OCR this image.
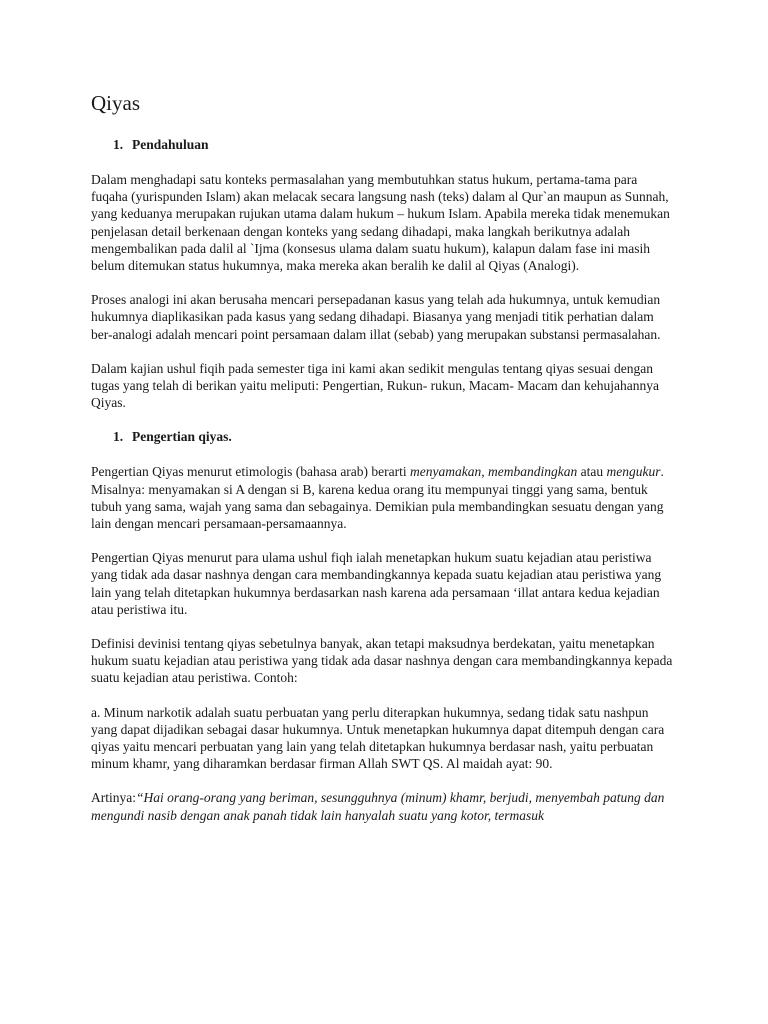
Qiyas
1. Pendahuluan

Dalam menghadapi satu konteks permasalahan yang membutuhkan status hukum, pertama-tama para fuqaha (yurispunden Islam) akan melacak secara langsung nash (teks) dalam al Qur`an maupun as Sunnah, yang keduanya merupakan rujukan utama dalam hukum – hukum Islam. Apabila mereka tidak menemukan penjelasan detail berkenaan dengan konteks yang sedang dihadapi, maka langkah berikutnya adalah mengembalikan pada dalil al `Ijma (konsesus ulama dalam suatu hukum), kalapun dalam fase ini masih belum ditemukan status hukumnya, maka mereka akan beralih ke dalil al Qiyas (Analogi).

Proses analogi ini akan berusaha mencari persepadanan kasus yang telah ada hukumnya, untuk kemudian hukumnya diaplikasikan pada kasus yang sedang dihadapi. Biasanya yang menjadi titik perhatian dalam ber-analogi adalah mencari point persamaan dalam illat (sebab) yang merupakan substansi permasalahan.

Dalam kajian ushul fiqih pada semester tiga ini kami akan sedikit mengulas tentang qiyas sesuai dengan tugas yang telah di berikan yaitu meliputi: Pengertian, Rukun- rukun, Macam- Macam dan kehujahannya Qiyas.

1. Pengertian qiyas.

Pengertian Qiyas menurut etimologis (bahasa arab) berarti menyamakan, membandingkan atau mengukur. Misalnya: menyamakan si A dengan si B, karena kedua orang itu mempunyai tinggi yang sama, bentuk tubuh yang sama, wajah yang sama dan sebagainya. Demikian pula membandingkan sesuatu dengan yang lain dengan mencari persamaan-persamaannya.

Pengertian Qiyas menurut para ulama ushul fiqh ialah menetapkan hukum suatu kejadian atau peristiwa yang tidak ada dasar nashnya dengan cara membandingkannya kepada suatu kejadian atau peristiwa yang lain yang telah ditetapkan hukumnya berdasarkan nash karena ada persamaan ‘illat antara kedua kejadian atau peristiwa itu.

Definisi devinisi tentang qiyas sebetulnya banyak, akan tetapi maksudnya berdekatan, yaitu menetapkan hukum suatu kejadian atau peristiwa yang tidak ada dasar nashnya dengan cara membandingkannya kepada suatu kejadian atau peristiwa. Contoh:

a. Minum narkotik adalah suatu perbuatan yang perlu diterapkan hukumnya, sedang tidak satu nashpun yang dapat dijadikan sebagai dasar hukumnya. Untuk menetapkan hukumnya dapat ditempuh dengan cara qiyas yaitu mencari perbuatan yang lain yang telah ditetapkan hukumnya berdasar nash, yaitu perbuatan minum khamr, yang diharamkan berdasar firman Allah SWT QS. Al maidah ayat: 90.

Artinya:“Hai orang-orang yang beriman, sesungguhnya (minum) khamr, berjudi, menyembah patung dan mengundi nasib dengan anak panah tidak lain hanyalah suatu yang kotor, termasuk
